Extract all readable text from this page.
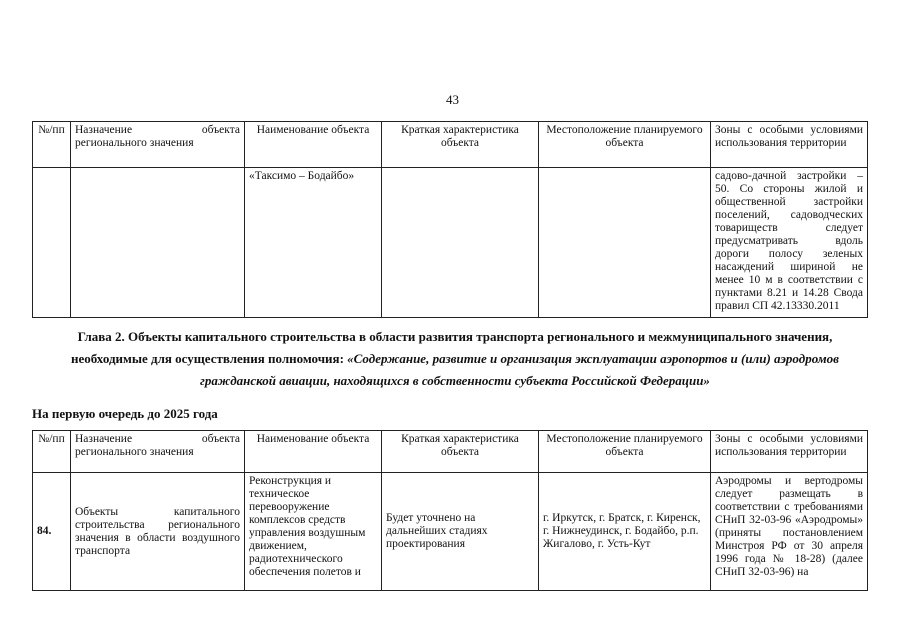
43
№/пп	Назначение объекта регионального значения	Наименование объекта	Краткая характеристика объекта	Местоположение планируемого объекта	Зоны с особыми условиями использования территории
		«Таксимо – Бодайбо»			садово-дачной застройки – 50. Со стороны жилой и общественной застройки поселений, садоводческих товариществ следует предусматривать вдоль дороги полосу зеленых насаждений шириной не менее 10 м в соответствии с пунктами 8.21 и 14.28 Свода правил СП 42.13330.2011
Глава 2. Объекты капитального строительства в области развития транспорта регионального и межмуниципального значения, необходимые для осуществления полномочия: «Содержание, развитие и организация эксплуатации аэропортов и (или) аэродромов гражданской авиации, находящихся в собственности субъекта Российской Федерации»
На первую очередь до 2025 года
№/пп	Назначение объекта регионального значения	Наименование объекта	Краткая характеристика объекта	Местоположение планируемого объекта	Зоны с особыми условиями использования территории
84.	Объекты капитального строительства регионального значения в области воздушного транспорта	Реконструкция и техническое перевооружение комплексов средств управления воздушным движением, радиотехнического обеспечения полетов и	Будет уточнено на дальнейших стадиях проектирования	г. Иркутск, г. Братск, г. Киренск, г. Нижнеудинск, г. Бодайбо, р.п. Жигалово, г. Усть-Кут	Аэродромы и вертодромы следует размещать в соответствии с требованиями СНиП 32-03-96 «Аэродромы» (приняты постановлением Минстроя РФ от 30 апреля 1996 года № 18-28) (далее СНиП 32-03-96) на
